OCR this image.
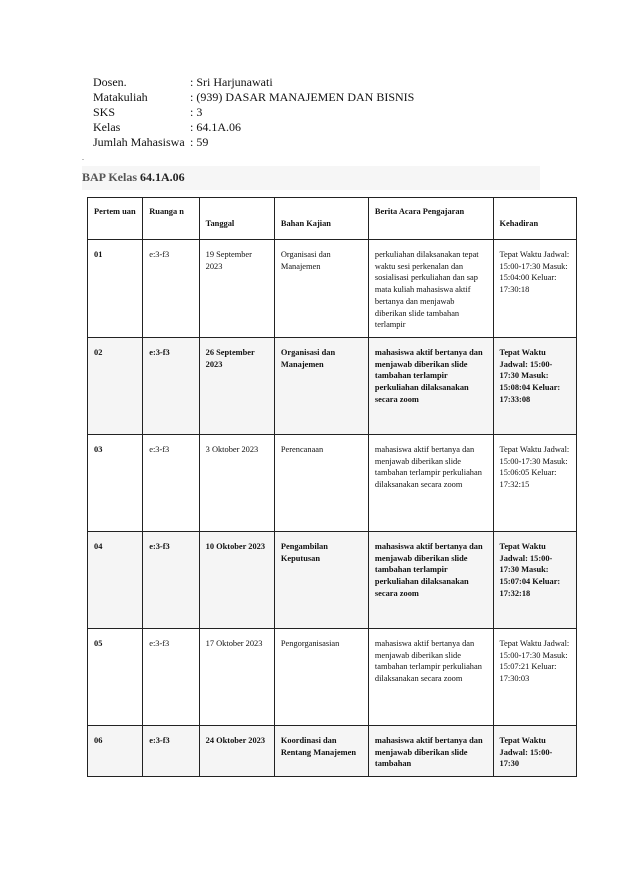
Dosen.	: Sri Harjunawati
Matakuliah	: (939) DASAR MANAJEMEN DAN BISNIS
SKS	: 3
Kelas	: 64.1A.06
Jumlah Mahasiswa : 59
.
BAP Kelas 64.1A.06
Pertem uan	Ruanga n	Tanggal	Bahan Kajian	Berita Acara Pengajaran	Kehadiran
01	e:3-f3	19 September 2023	Organisasi dan Manajemen	perkuliahan dilaksanakan tepat waktu sesi perkenalan dan sosialisasi perkuliahan dan sap mata kuliah mahasiswa aktif bertanya dan menjawab diberikan slide tambahan terlampir	Tepat Waktu Jadwal: 15:00-17:30 Masuk: 15:04:00 Keluar: 17:30:18
02	e:3-f3	26 September 2023	Organisasi dan Manajemen	mahasiswa aktif bertanya dan menjawab diberikan slide tambahan terlampir perkuliahan dilaksanakan secara zoom	Tepat Waktu Jadwal: 15:00-17:30 Masuk: 15:08:04 Keluar: 17:33:08
03	e:3-f3	3 Oktober 2023	Perencanaan	mahasiswa aktif bertanya dan menjawab diberikan slide tambahan terlampir perkuliahan dilaksanakan secara zoom	Tepat Waktu Jadwal: 15:00-17:30 Masuk: 15:06:05 Keluar: 17:32:15
04	e:3-f3	10 Oktober 2023	Pengambilan Keputusan	mahasiswa aktif bertanya dan menjawab diberikan slide tambahan terlampir perkuliahan dilaksanakan secara zoom	Tepat Waktu Jadwal: 15:00-17:30 Masuk: 15:07:04 Keluar: 17:32:18
05	e:3-f3	17 Oktober 2023	Pengorganisasian	mahasiswa aktif bertanya dan menjawab diberikan slide tambahan terlampir perkuliahan dilaksanakan secara zoom	Tepat Waktu Jadwal: 15:00-17:30 Masuk: 15:07:21 Keluar: 17:30:03
06	e:3-f3	24 Oktober 2023	Koordinasi dan Rentang Manajemen	mahasiswa aktif bertanya dan menjawab diberikan slide tambahan	Tepat Waktu Jadwal: 15:00-17:30
